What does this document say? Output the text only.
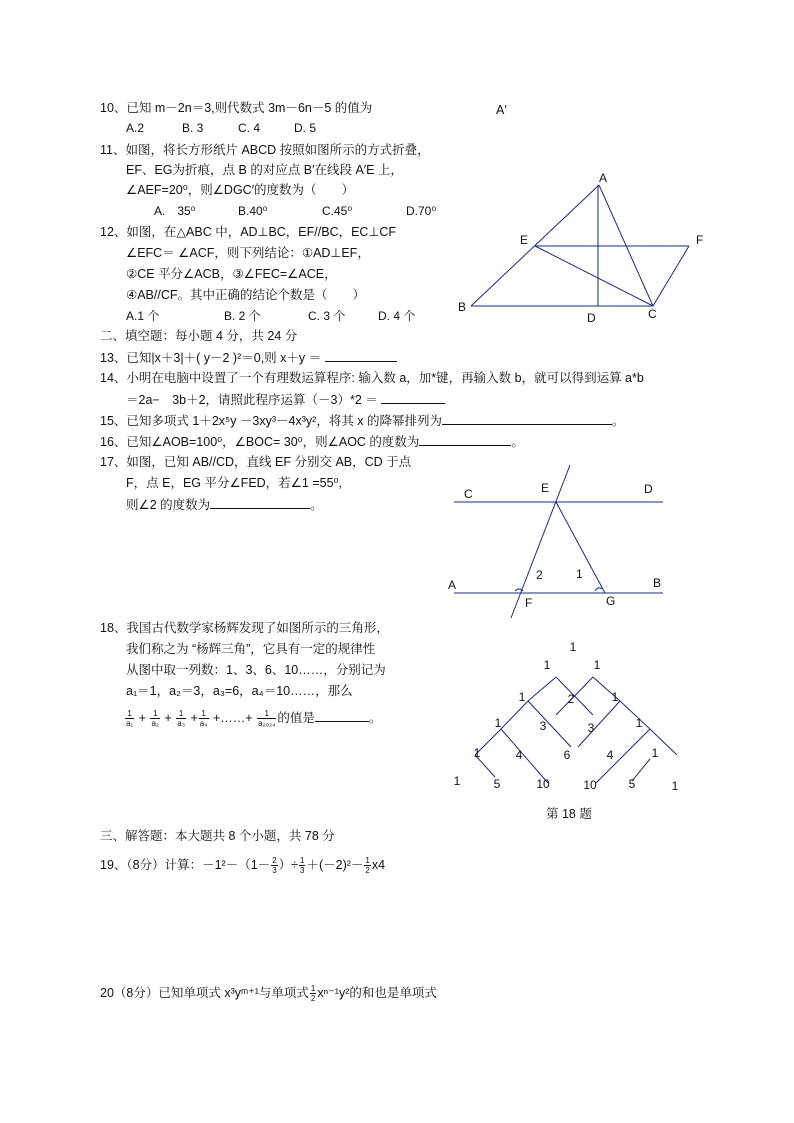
10、已知 m－2n＝3,则代数式 3m－6n－5 的值为
A.2	B. 3	C. 4	D. 5
A′
11、如图，将长方形纸片 ABCD 按照如图所示的方式折叠，
EF、EG为折痕，点 B 的对应点 B′在线段 A′E 上，
∠AEF=20⁰，则∠DGC′的度数为（　　）
A.　35⁰	B.40⁰	C.45⁰	D.70⁰
12、如图，在△ABC 中，AD⊥BC，EF//BC，EC⊥CF
∠EFC＝ ∠ACF，则下列结论：①AD⊥EF，
②CE 平分∠ACB，③∠FEC=∠ACE，
④AB//CF。其中正确的结论个数是（　　）
A.1 个	B. 2 个	C. 3 个	D. 4 个
A
B	C
D
E	F
二、填空题：每小题 4 分，共 24 分
13、已知|x＋3|＋( y－2 )²＝0,则 x＋y ＝
14、小明在电脑中设置了一个有理数运算程序: 输入数 a，加*键，再输入数 b，就可以得到运算 a*b
＝2a−　3b＋2，请照此程序运算（－3）*2 ＝
15、已知多项式 1＋2x⁵y －3xy³－4x³y²，将其 x 的降幂排列为	。
16、已知∠AOB=100⁰，∠BOC= 30⁰，则∠AOC 的度数为	。
17、如图，已知 AB//CD，直线 EF 分别交 AB，CD 于点
F，点 E，EG 平分∠FED，若∠1 =55⁰,
则∠2 的度数为	。
C	E	D
A	B
F	G
1
2
18、我国古代数学家杨辉发现了如图所示的三角形，
我们称之为 “杨辉三角”，它具有一定的规律性
从图中取一列数：1、3、6、10……，分别记为
a₁＝1，a₂＝3，a₃=6，a₄＝10……，那么
$\frac{1}{\text{a₁}} + \frac{1}{\text{a₂}} + \frac{1}{\text{a₃}} + \frac{1}{\text{a₄}}$ +……+ $\frac{1}{\text{a₂₀₂₄}}$ 的值是	。
1
1	1
1	2	1
1	3	3	1
1	4	6	4	1
1	5	10	10	5	1
第 18 题
三、解答题：本大题共 8 个小题，共 78 分
19、（8分）计算：$-1^2-(1- \frac{2}{3}$ ）÷ $\frac{1}{3} +(-2)^2- \frac{1}{2} x4$
20（8分）已知单项式 x³yᵐ⁺¹与单项式 $\frac{1}{2} x^{n-1}y^2$的和也是单项式
